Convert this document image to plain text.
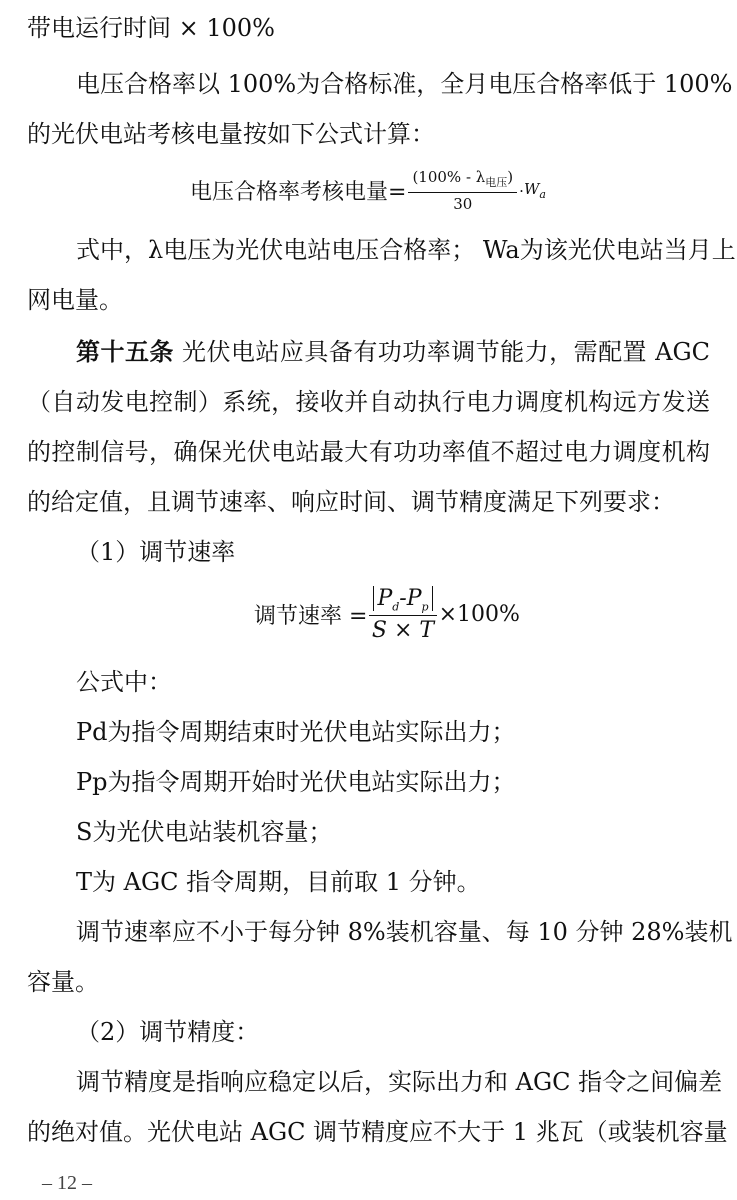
带电运行时间 × 100%
电压合格率以 100%为合格标准，全月电压合格率低于 100%
的光伏电站考核电量按如下公式计算：
电压合格率考核电量= $\frac{(100\% - \lambda_{电压})}{30} \cdot W_a$
式中，λ电压为光伏电站电压合格率； Wa为该光伏电站当月上
网电量。
第十五条 光伏电站应具备有功功率调节能力，需配置 AGC
（自动发电控制）系统，接收并自动执行电力调度机构远方发送
的控制信号，确保光伏电站最大有功功率值不超过电力调度机构
的给定值，且调节速率、响应时间、调节精度满足下列要求：
（1）调节速率
调节速率 = $\frac{P_d-P_p}{S \times T} \times 100\%$
公式中：
Pd为指令周期结束时光伏电站实际出力；
Pp为指令周期开始时光伏电站实际出力；
S为光伏电站装机容量；
T为 AGC 指令周期，目前取 1 分钟。
调节速率应不小于每分钟 8%装机容量、每 10 分钟 28%装机
容量。
（2）调节精度：
调节精度是指响应稳定以后，实际出力和 AGC 指令之间偏差
的绝对值。光伏电站 AGC 调节精度应不大于 1 兆瓦（或装机容量
– 12 –
